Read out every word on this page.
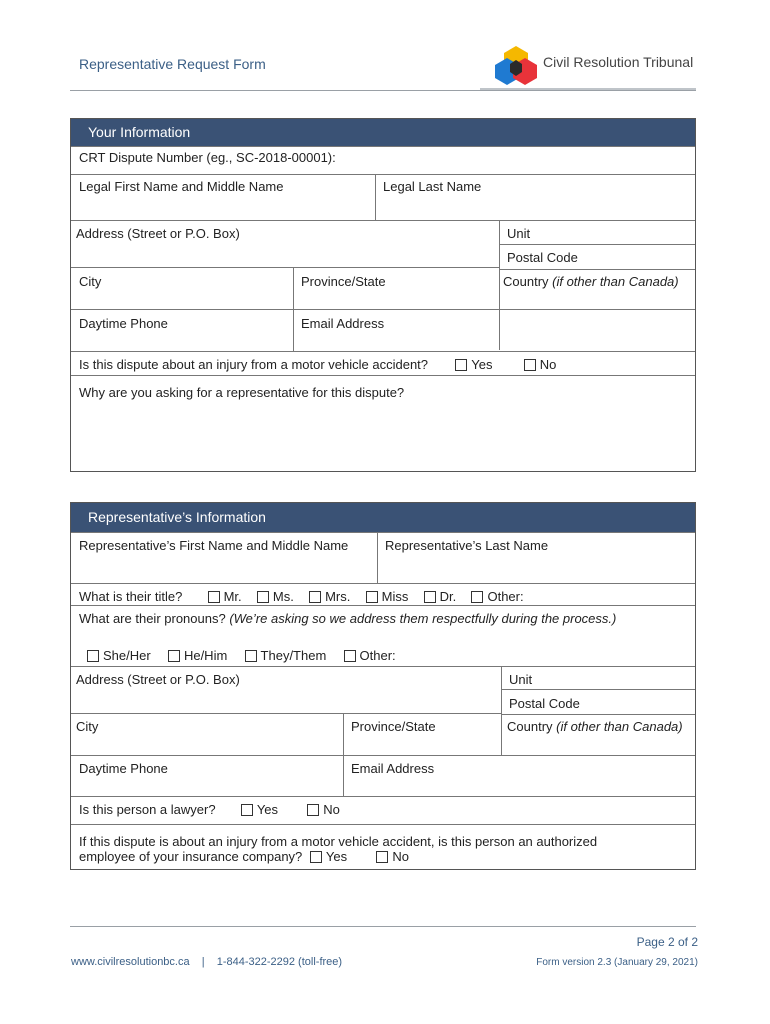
Representative Request Form	Civil Resolution Tribunal
Your Information
CRT Dispute Number (eg., SC-2018-00001):
Legal First Name and Middle Name	Legal Last Name
Address (Street or P.O. Box)	Unit
Postal Code
City	Province/State	Country (if other than Canada)
Daytime Phone	Email Address
Is this dispute about an injury from a motor vehicle accident?	Yes	No
Why are you asking for a representative for this dispute?
Representative’s Information
Representative’s First Name and Middle Name	Representative’s Last Name
What is their title?	Mr. Ms. Mrs. Miss Dr. Other:
What are their pronouns? (We’re asking so we address them respectfully during the process.)
She/Her	He/Him	They/Them	Other:
Address (Street or P.O. Box)	Unit
Postal Code
City	Province/State	Country (if other than Canada)
Daytime Phone	Email Address
Is this person a lawyer?	Yes	No
If this dispute is about an injury from a motor vehicle accident, is this person an authorized
employee of your insurance company? Yes	No
Page 2 of 2
www.civilresolutionbc.ca | 1-844-322-2292 (toll-free)	Form version 2.3 (January 29, 2021)
